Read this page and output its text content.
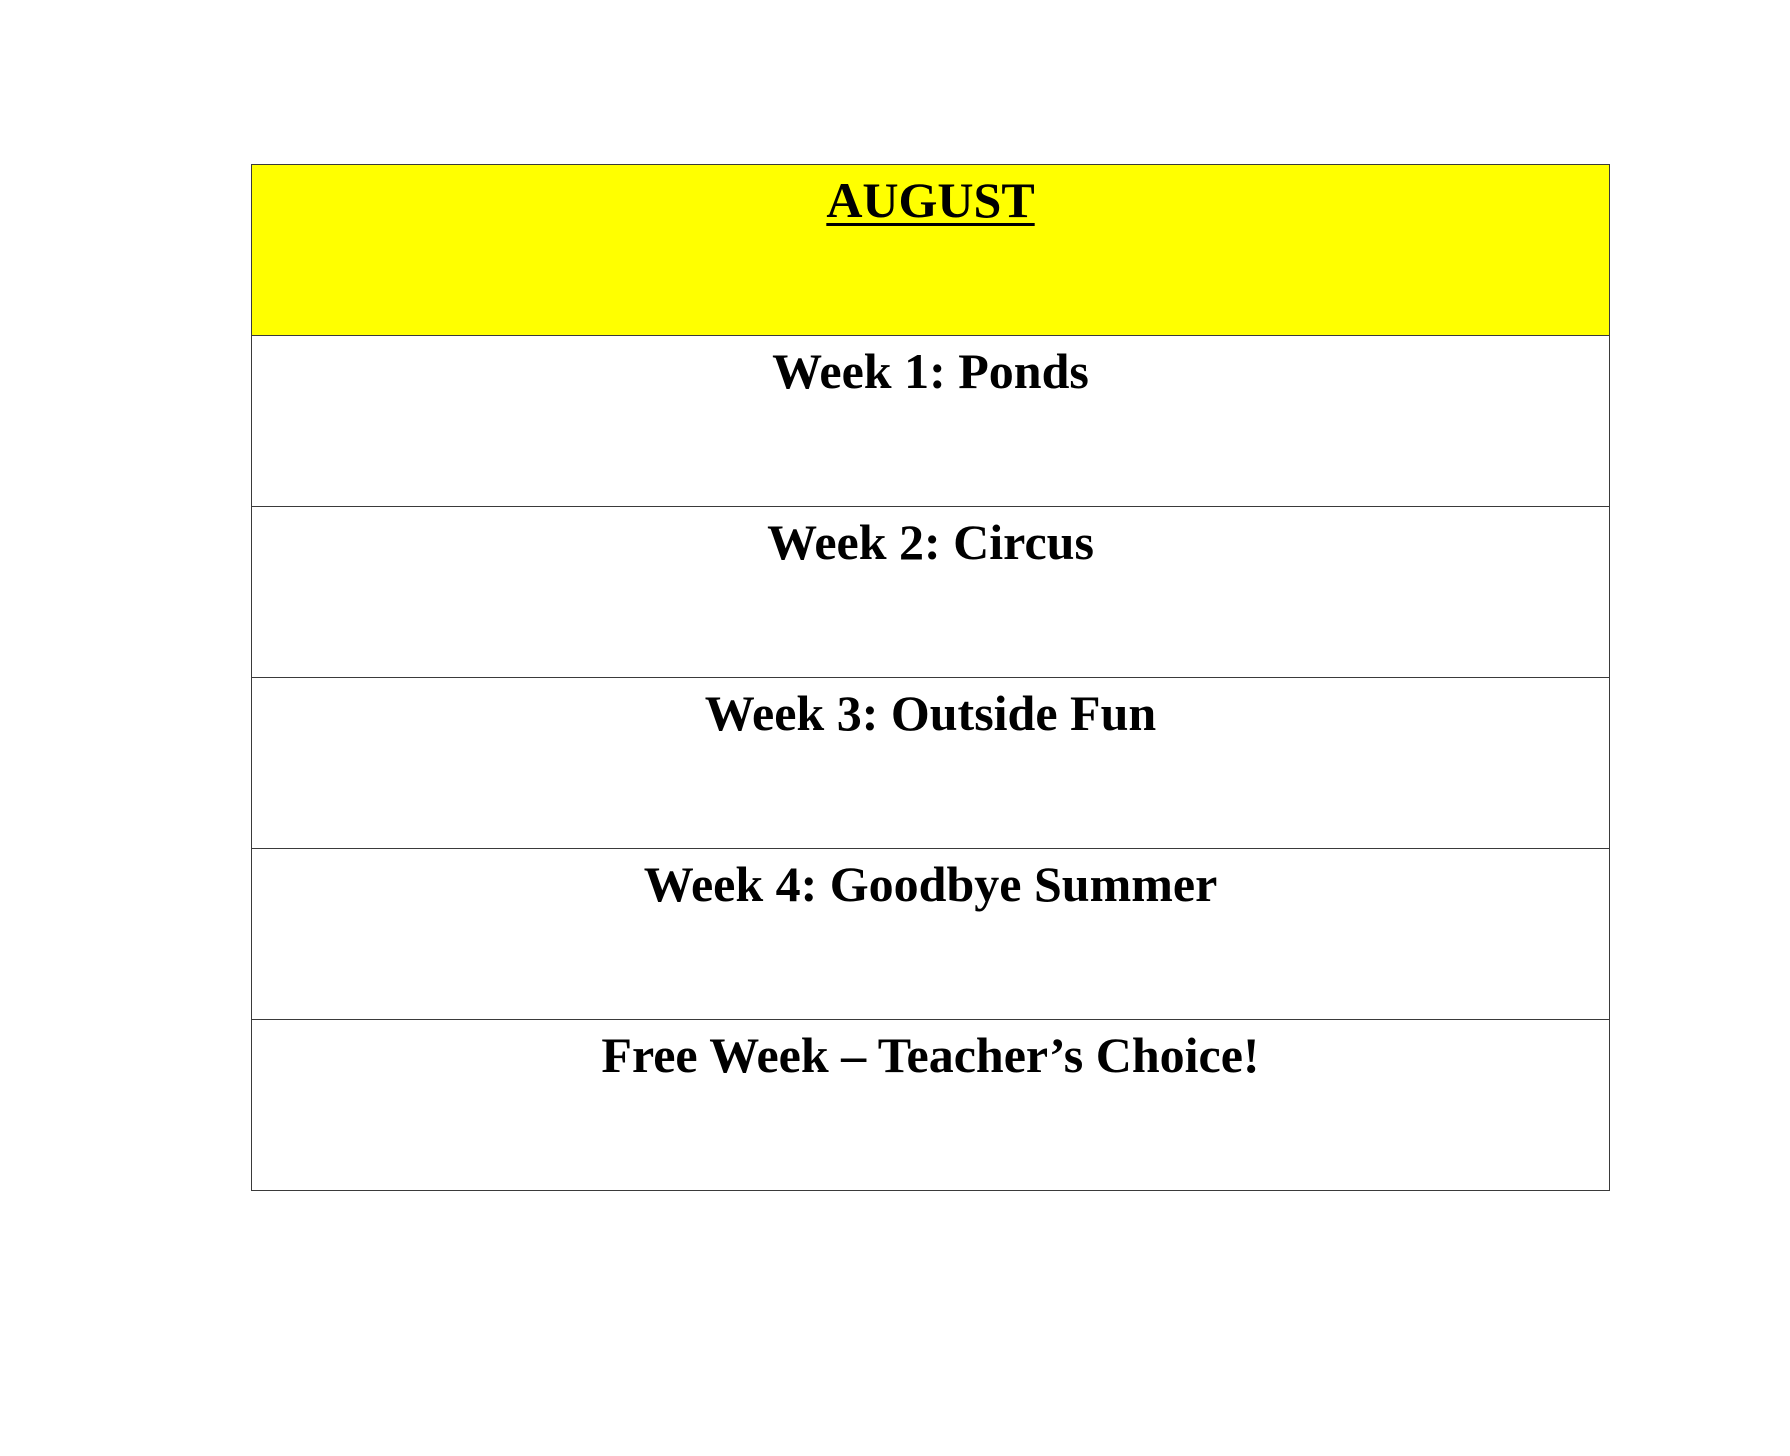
AUGUST

Week 1: Ponds

Week 2: Circus

Week 3: Outside Fun

Week 4: Goodbye Summer

Free Week – Teacher’s Choice!
